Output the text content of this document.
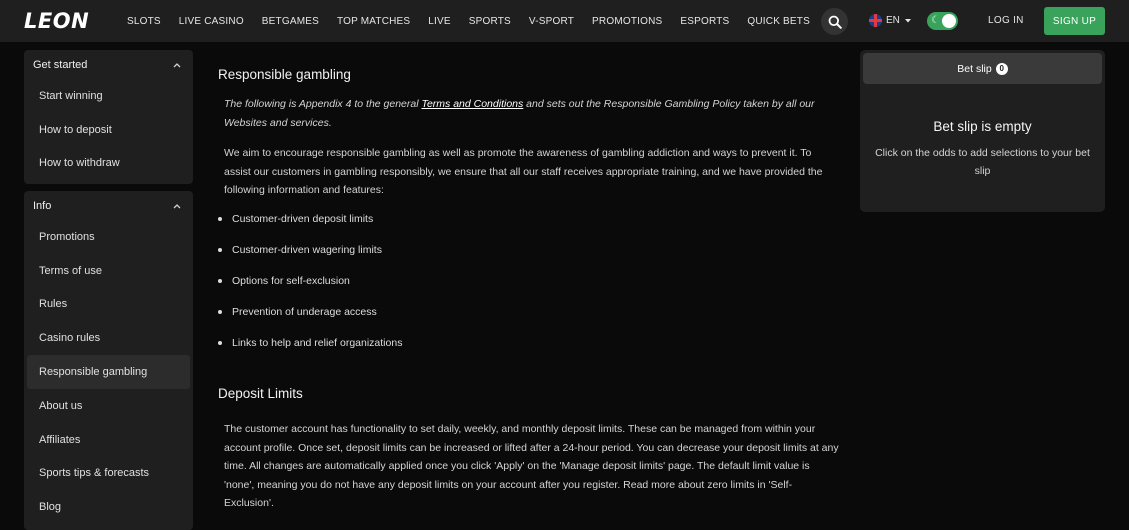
LEON	SLOTS LIVE CASINO BETGAMES TOP MATCHES LIVE SPORTS V-SPORT PROMOTIONS ESPORTS QUICK BETS	EN	☾	LOG IN	SIGN UP
Get started
Start winning
How to deposit
How to withdraw
Info
Promotions
Terms of use
Rules
Casino rules
Responsible gambling
About us
Affiliates
Sports tips & forecasts
Blog
Responsible gambling

The following is Appendix 4 to the general Terms and Conditions and sets out the Responsible Gambling Policy taken by all our Websites and services.

We aim to encourage responsible gambling as well as promote the awareness of gambling addiction and ways to prevent it. To assist our customers in gambling responsibly, we ensure that all our staff receives appropriate training, and we have provided the following information and features:

Customer-driven deposit limits
Customer-driven wagering limits
Options for self-exclusion
Prevention of underage access
Links to help and relief organizations
Deposit Limits

The customer account has functionality to set daily, weekly, and monthly deposit limits. These can be managed from within your account profile. Once set, deposit limits can be increased or lifted after a 24-hour period. You can decrease your deposit limits at any time. All changes are automatically applied once you click 'Apply' on the 'Manage deposit limits' page. The default limit value is 'none', meaning you do not have any deposit limits on your account after you register. Read more about zero limits in 'Self-Exclusion'.

Bet slip 0
Bet slip is empty
Click on the odds to add selections to your bet slip
